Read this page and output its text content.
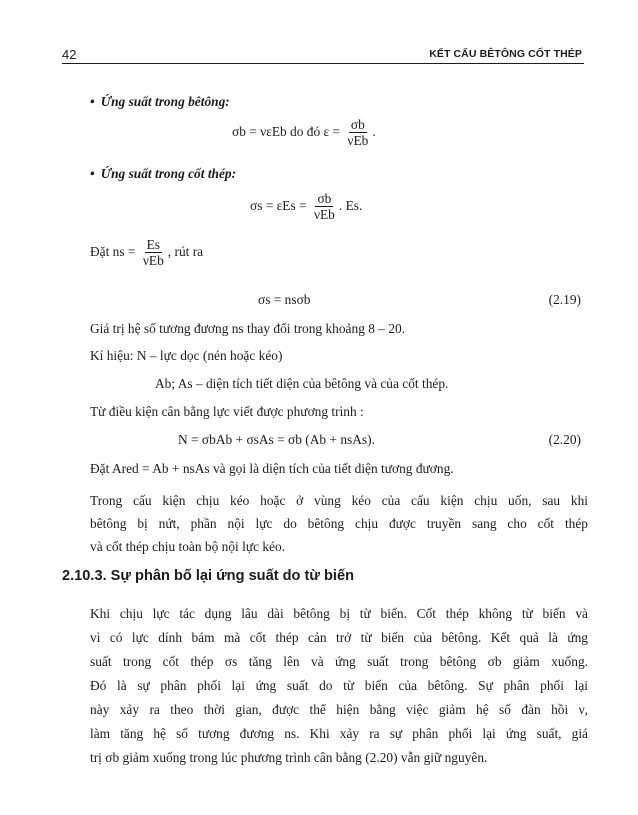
42	KẾT CẤU BÊTÔNG CỐT THÉP
• Ứng suất trong bêtông:
σb = νεEb do đó $\varepsilon = \frac{\sigma b}{\text{νEb}}$ .
• Ứng suất trong cốt thép:
$\sigma s = \varepsilon Es = \frac{\sigma b}{\text{νEb}}$ . Es.
Đặt ns = $\frac{Es}{\text{νEb}}$ , rút ra
σs = nsσb	(2.19)
Giá trị hệ số tương đương ns thay đổi trong khoảng 8 – 20.
Kí hiệu: N – lực dọc (nén hoặc kéo)
Ab; As – diện tích tiết diện của bêtông và của cốt thép.
Từ điều kiện cân bằng lực viết được phương trình :
N = σbAb + σsAs = σb (Ab + nsAs).	(2.20)
Đặt Ared = Ab + nsAs và gọi là diện tích của tiết diện tương đương.
Trong cấu kiện chịu kéo hoặc ở vùng kéo của cấu kiện chịu uốn, sau khi
bêtông bị nứt, phần nội lực do bêtông chịu được truyền sang cho cốt thép
và cốt thép chịu toàn bộ nội lực kéo.
2.10.3. Sự phân bố lại ứng suất do từ biến
Khi chịu lực tác dụng lâu dài bêtông bị từ biến. Cốt thép không từ biến và
vì có lực dính bám mà cốt thép cản trở từ biến của bêtông. Kết quả là ứng
suất trong cốt thép σs tăng lên và ứng suất trong bêtông σb giảm xuống.
Đó là sự phân phối lại ứng suất do từ biến của bêtông. Sự phân phối lại
này xảy ra theo thời gian, được thể hiện bằng việc giảm hệ số đàn hồi ν,
làm tăng hệ số tương đương ns. Khi xảy ra sự phân phối lại ứng suất, giá
trị σb giảm xuống trong lúc phương trình cân bằng (2.20) vẫn giữ nguyên.
